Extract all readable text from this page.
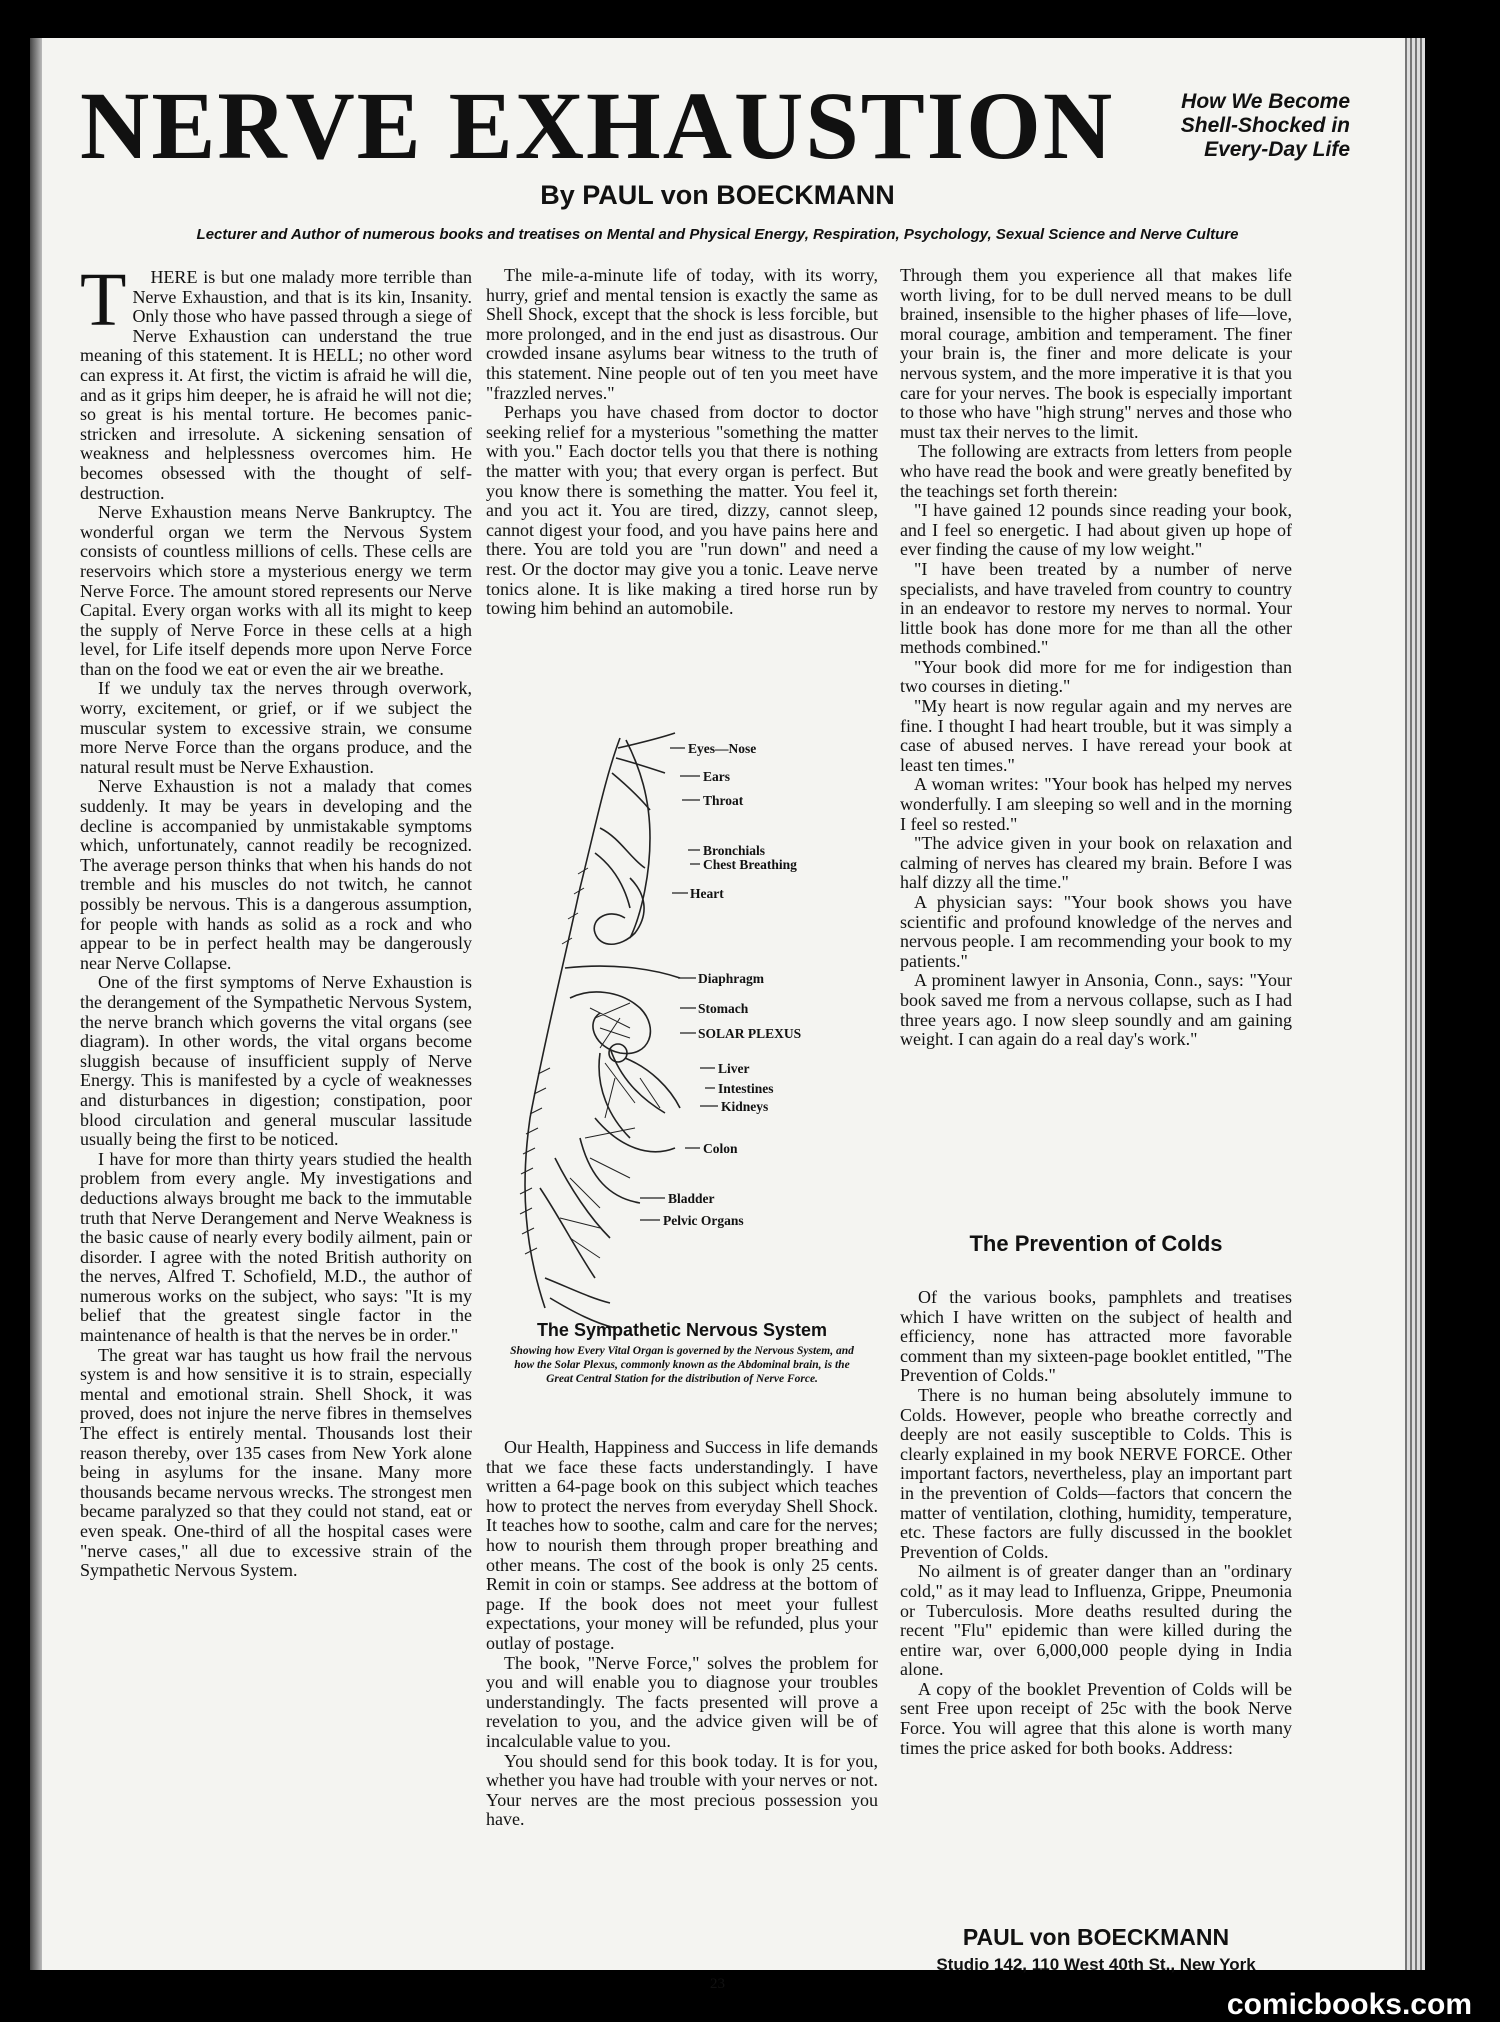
NERVE EXHAUSTION	How We Become
Shell-Shocked in
Every-Day Life
By PAUL von BOECKMANN
Lecturer and Author of numerous books and treatises on Mental and Physical Energy, Respiration, Psychology, Sexual Science and Nerve Culture

T HERE is but one malady more terrible than Nerve Exhaustion, and that is its kin, Insanity. Only those who have passed through a siege of Nerve Exhaustion can understand the true meaning of this statement. It is HELL; no other word can express it. At first, the victim is afraid he will die, and as it grips him deeper, he is afraid he will not die; so great is his mental torture. He becomes panic-stricken and irresolute. A sickening sensation of weakness and helplessness overcomes him. He becomes obsessed with the thought of self-destruction.

Nerve Exhaustion means Nerve Bankruptcy. The wonderful organ we term the Nervous System consists of countless millions of cells. These cells are reservoirs which store a mysterious energy we term Nerve Force. The amount stored represents our Nerve Capital. Every organ works with all its might to keep the supply of Nerve Force in these cells at a high level, for Life itself depends more upon Nerve Force than on the food we eat or even the air we breathe.

If we unduly tax the nerves through overwork, worry, excitement, or grief, or if we subject the muscular system to excessive strain, we consume more Nerve Force than the organs produce, and the natural result must be Nerve Exhaustion.

Nerve Exhaustion is not a malady that comes suddenly. It may be years in developing and the decline is accompanied by unmistakable symptoms which, unfortunately, cannot readily be recognized. The average person thinks that when his hands do not tremble and his muscles do not twitch, he cannot possibly be nervous. This is a dangerous assumption, for people with hands as solid as a rock and who appear to be in perfect health may be dangerously near Nerve Collapse.

One of the first symptoms of Nerve Exhaustion is the derangement of the Sympathetic Nervous System, the nerve branch which governs the vital organs (see diagram). In other words, the vital organs become sluggish because of insufficient supply of Nerve Energy. This is manifested by a cycle of weaknesses and disturbances in digestion; constipation, poor blood circulation and general muscular lassitude usually being the first to be noticed.

I have for more than thirty years studied the health problem from every angle. My investigations and deductions always brought me back to the immutable truth that Nerve Derangement and Nerve Weakness is the basic cause of nearly every bodily ailment, pain or disorder. I agree with the noted British authority on the nerves, Alfred T. Schofield, M.D., the author of numerous works on the subject, who says: "It is my belief that the greatest single factor in the maintenance of health is that the nerves be in order."

The great war has taught us how frail the nervous system is and how sensitive it is to strain, especially mental and emotional strain. Shell Shock, it was proved, does not injure the nerve fibres in themselves The effect is entirely mental. Thousands lost their reason thereby, over 135 cases from New York alone being in asylums for the insane. Many more thousands became nervous wrecks. The strongest men became paralyzed so that they could not stand, eat or even speak. One-third of all the hospital cases were "nerve cases," all due to excessive strain of the Sympathetic Nervous System.

The mile-a-minute life of today, with its worry, hurry, grief and mental tension is exactly the same as Shell Shock, except that the shock is less forcible, but more prolonged, and in the end just as disastrous. Our crowded insane asylums bear witness to the truth of this statement. Nine people out of ten you meet have "frazzled nerves."

Perhaps you have chased from doctor to doctor seeking relief for a mysterious "something the matter with you." Each doctor tells you that there is nothing the matter with you; that every organ is perfect. But you know there is something the matter. You feel it, and you act it. You are tired, dizzy, cannot sleep, cannot digest your food, and you have pains here and there. You are told you are "run down" and need a rest. Or the doctor may give you a tonic. Leave nerve tonics alone. It is like making a tired horse run by towing him behind an automobile.

Eyes—Nose
Ears
Throat
Bronchials
Chest Breathing
Heart
Diaphragm
Stomach
SOLAR PLEXUS
Liver
Intestines
Kidneys
Colon
Bladder
Pelvic Organs
The Sympathetic Nervous System
Showing how Every Vital Organ is governed by the Nervous System, and how the Solar Plexus, commonly known as the Abdominal brain, is the Great Central Station for the distribution of Nerve Force.

Our Health, Happiness and Success in life demands that we face these facts understandingly. I have written a 64-page book on this subject which teaches how to protect the nerves from everyday Shell Shock. It teaches how to soothe, calm and care for the nerves; how to nourish them through proper breathing and other means. The cost of the book is only 25 cents. Remit in coin or stamps. See address at the bottom of page. If the book does not meet your fullest expectations, your money will be refunded, plus your outlay of postage.

The book, "Nerve Force," solves the problem for you and will enable you to diagnose your troubles understandingly. The facts presented will prove a revelation to you, and the advice given will be of incalculable value to you.

You should send for this book today. It is for you, whether you have had trouble with your nerves or not. Your nerves are the most precious possession you have.

Through them you experience all that makes life worth living, for to be dull nerved means to be dull brained, insensible to the higher phases of life—love, moral courage, ambition and temperament. The finer your brain is, the finer and more delicate is your nervous system, and the more imperative it is that you care for your nerves. The book is especially important to those who have "high strung" nerves and those who must tax their nerves to the limit.

The following are extracts from letters from people who have read the book and were greatly benefited by the teachings set forth therein:

"I have gained 12 pounds since reading your book, and I feel so energetic. I had about given up hope of ever finding the cause of my low weight."

"I have been treated by a number of nerve specialists, and have traveled from country to country in an endeavor to restore my nerves to normal. Your little book has done more for me than all the other methods combined."

"Your book did more for me for indigestion than two courses in dieting."

"My heart is now regular again and my nerves are fine. I thought I had heart trouble, but it was simply a case of abused nerves. I have reread your book at least ten times."

A woman writes: "Your book has helped my nerves wonderfully. I am sleeping so well and in the morning I feel so rested."

"The advice given in your book on relaxation and calming of nerves has cleared my brain. Before I was half dizzy all the time."

A physician says: "Your book shows you have scientific and profound knowledge of the nerves and nervous people. I am recommending your book to my patients."

A prominent lawyer in Ansonia, Conn., says: "Your book saved me from a nervous collapse, such as I had three years ago. I now sleep soundly and am gaining weight. I can again do a real day's work."

The Prevention of Colds

Of the various books, pamphlets and treatises which I have written on the subject of health and efficiency, none has attracted more favorable comment than my sixteen-page booklet entitled, "The Prevention of Colds."

There is no human being absolutely immune to Colds. However, people who breathe correctly and deeply are not easily susceptible to Colds. This is clearly explained in my book NERVE FORCE. Other important factors, nevertheless, play an important part in the prevention of Colds—factors that concern the matter of ventilation, clothing, humidity, temperature, etc. These factors are fully discussed in the booklet Prevention of Colds.

No ailment is of greater danger than an "ordinary cold," as it may lead to Influenza, Grippe, Pneumonia or Tuberculosis. More deaths resulted during the recent "Flu" epidemic than were killed during the entire war, over 6,000,000 people dying in India alone.

A copy of the booklet Prevention of Colds will be sent Free upon receipt of 25c with the book Nerve Force. You will agree that this alone is worth many times the price asked for both books. Address:

PAUL von BOECKMANN
Studio 142, 110 West 40th St., New York
23
comicbooks.com
